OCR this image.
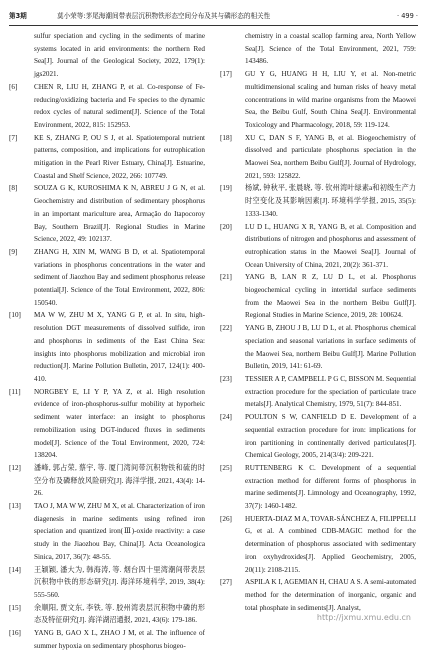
第3期	莫小荣等:茅尾海潮间带表层沉积物铁形态空间分布及其与磷形态的相关性	· 499 ·
sulfur speciation and cycling in the sediments of marine systems located in arid environments: the northern Red Sea[J]. Journal of the Geological Society, 2022, 179(1): jgs2021.
[6] CHEN R, LIU H, ZHANG P, et al. Co-response of Fe-reducing/oxidizing bacteria and Fe species to the dynamic redox cycles of natural sediment[J]. Science of the Total Environment, 2022, 815: 152953.
[7] KE S, ZHANG P, OU S J, et al. Spatiotemporal nutrient patterns, composition, and implications for eutrophication mitigation in the Pearl River Estuary, China[J]. Estuarine, Coastal and Shelf Science, 2022, 266: 107749.
[8] SOUZA G K, KUROSHIMA K N, ABREU J G N, et al. Geochemistry and distribution of sedimentary phosphorus in an important mariculture area, Armação do Itapocoroy Bay, Southern Brazil[J]. Regional Studies in Marine Science, 2022, 49: 102137.
[9] ZHANG H, XIN M, WANG B D, et al. Spatiotemporal variations in phosphorus concentrations in the water and sediment of Jiaozhou Bay and sediment phosphorus release potential[J]. Science of the Total Environment, 2022, 806: 150540.
[10] MA W W, ZHU M X, YANG G P, et al. In situ, high-resolution DGT measurements of dissolved sulfide, iron and phosphorus in sediments of the East China Sea: insights into phosphorus mobilization and microbial iron reduction[J]. Marine Pollution Bulletin, 2017, 124(1): 400-410.
[11] NORGBEY E, LI Y P, YA Z, et al. High resolution evidence of iron-phosphorus-sulfur mobility at hyporheic sediment water interface: an insight to phosphorus remobilization using DGT-induced fluxes in sediments model[J]. Science of the Total Environment, 2020, 724: 138204.
[12] 潘峰, 郭占荣, 蔡宇, 等. 厦门湾间带沉积物铁和硫的时空分布及磷释放风险研究[J]. 海洋学报, 2021, 43(4): 14-26.
[13] TAO J, MA W W, ZHU M X, et al. Characterization of iron diagenesis in marine sediments using refined iron speciation and quantized iron(Ⅲ)-oxide reactivity: a case study in the Jiaozhou Bay, China[J]. Acta Oceanologica Sinica, 2017, 36(7): 48-55.
[14] 王颖颖, 潘大为, 韩海涛, 等. 烟台四十里湾潮间带表层沉积物中铁的形态研究[J]. 海洋环境科学, 2019, 38(4): 555-560.
[15] 余顺阳, 贾文东, 李铁, 等. 胶州湾表层沉积物中磷的形态及特征研究[J]. 海洋湖沼通报, 2021, 43(6): 179-186.
[16] YANG B, GAO X L, ZHAO J M, et al. The influence of summer hypoxia on sedimentary phosphorus biogeo-
chemistry in a coastal scallop farming area, North Yellow Sea[J]. Science of the Total Environment, 2021, 759: 143486.
[17] GU Y G, HUANG H H, LIU Y, et al. Non-metric multidimensional scaling and human risks of heavy metal concentrations in wild marine organisms from the Maowei Sea, the Beibu Gulf, South China Sea[J]. Environmental Toxicology and Pharmacology, 2018, 59: 119-124.
[18] XU C, DAN S F, YANG B, et al. Biogeochemistry of dissolved and particulate phosphorus speciation in the Maowei Sea, northern Beibu Gulf[J]. Journal of Hydrology, 2021, 593: 125822.
[19] 杨斌, 钟秋平, 张晨晓, 等. 钦州湾叶绿素a和初级生产力时空变化及其影响因素[J]. 环境科学学报, 2015, 35(5): 1333-1340.
[20] LU D L, HUANG X R, YANG B, et al. Composition and distributions of nitrogen and phosphorus and assessment of eutrophication status in the Maowei Sea[J]. Journal of Ocean University of China, 2021, 20(2): 361-371.
[21] YANG B, LAN R Z, LU D L, et al. Phosphorus biogeochemical cycling in intertidal surface sediments from the Maowei Sea in the northern Beibu Gulf[J]. Regional Studies in Marine Science, 2019, 28: 100624.
[22] YANG B, ZHOU J B, LU D L, et al. Phosphorus chemical speciation and seasonal variations in surface sediments of the Maowei Sea, northern Beibu Gulf[J]. Marine Pollution Bulletin, 2019, 141: 61-69.
[23] TESSIER A P, CAMPBELL P G C, BISSON M. Sequential extraction procedure for the speciation of particulate trace metals[J]. Analytical Chemistry, 1979, 51(7): 844-851.
[24] POULTON S W, CANFIELD D E. Development of a sequential extraction procedure for iron: implications for iron partitioning in continentally derived particulates[J]. Chemical Geology, 2005, 214(3/4): 209-221.
[25] RUTTENBERG K C. Development of a sequential extraction method for different forms of phosphorus in marine sediments[J]. Limnology and Oceanography, 1992, 37(7): 1460-1482.
[26] HUERTA-DIAZ M A, TOVAR-SÁNCHEZ A, FILIPPELLI G, et al. A combined CDB-MAGIC method for the determination of phosphorus associated with sedimentary iron oxyhydroxides[J]. Applied Geochemistry, 2005, 20(11): 2108-2115.
[27] ASPILA K I, AGEMIAN H, CHAU A S. A semi-automated method for the determination of inorganic, organic and total phosphate in sediments[J]. Analyst,
http://jxmu.xmu.edu.cn
